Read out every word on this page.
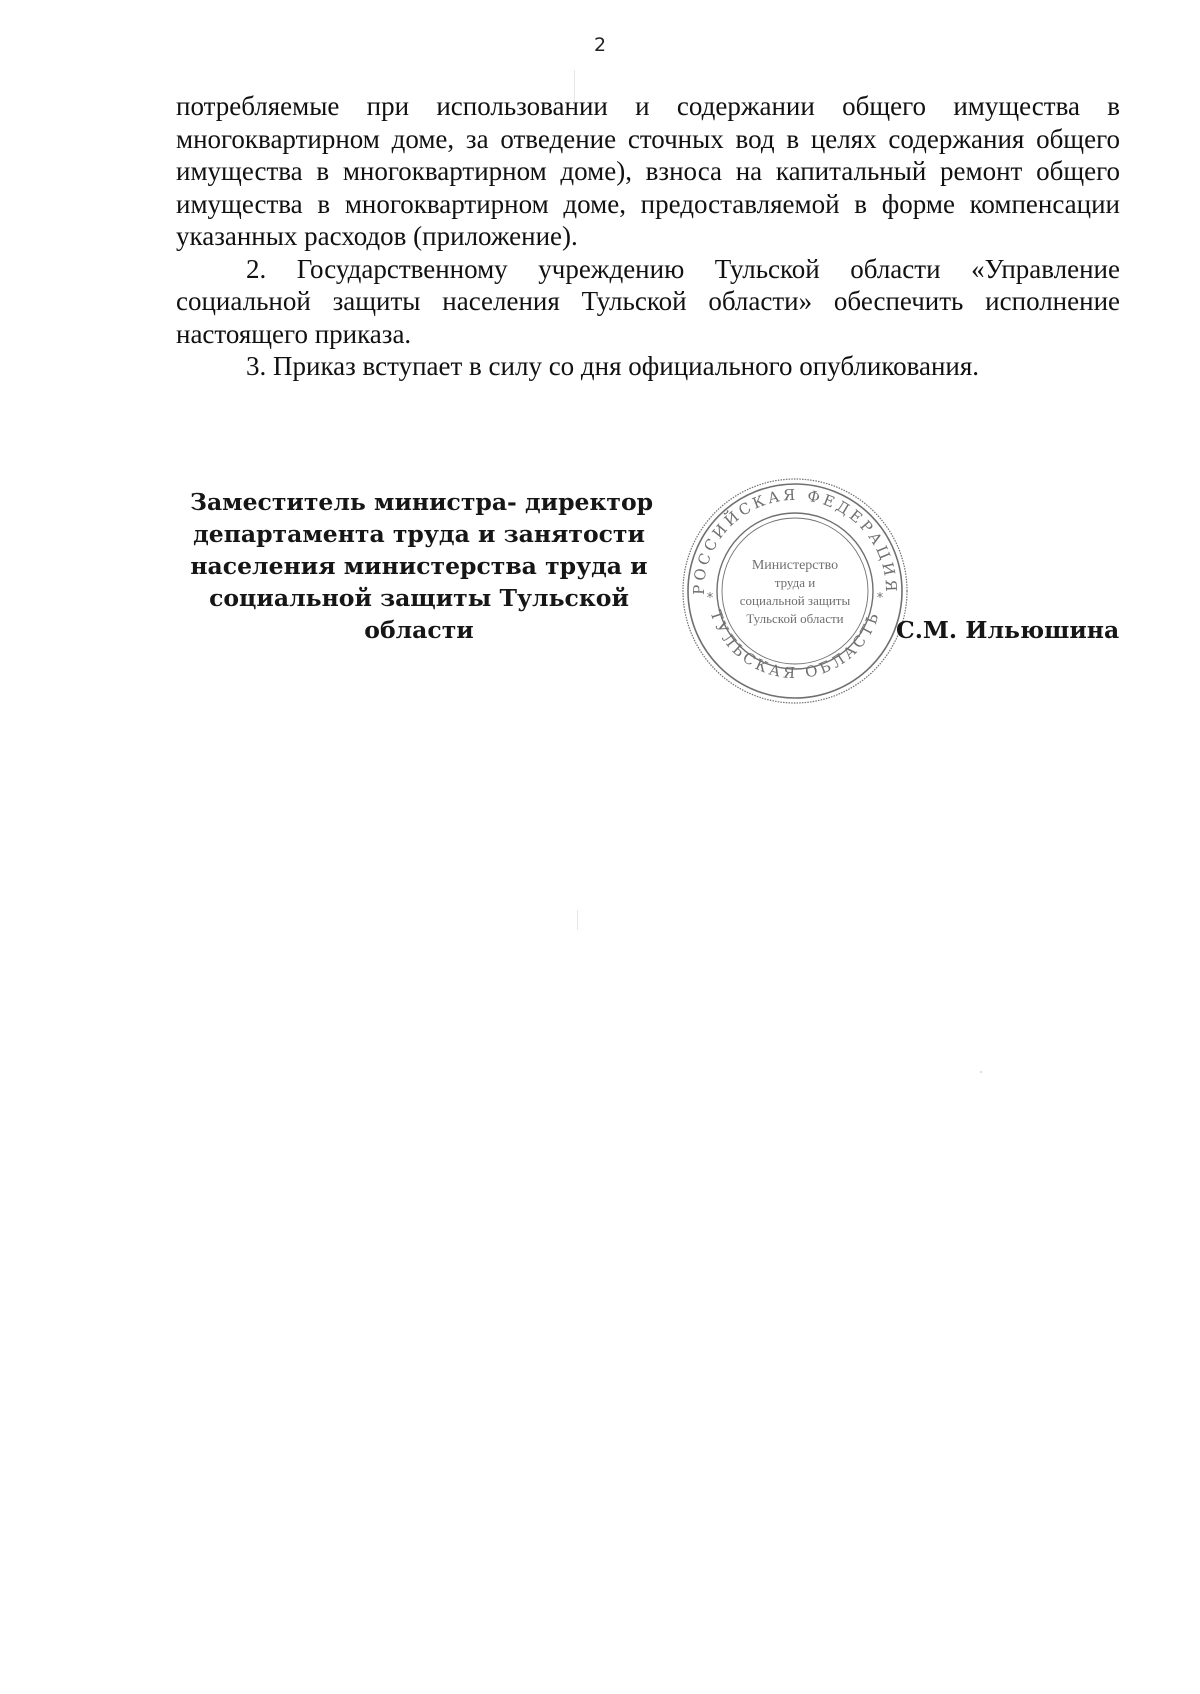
2

потребляемые при использовании и содержании общего имущества в многоквартирном доме, за отведение сточных вод в целях содержания общего имущества в многоквартирном доме), взноса на капитальный ремонт общего имущества в многоквартирном доме, предоставляемой в форме компенсации указанных расходов (приложение).

2. Государственному учреждению Тульской области «Управление социальной защиты населения Тульской области» обеспечить исполнение настоящего приказа.

3. Приказ вступает в силу со дня официального опубликования.

Заместитель министра- директор
департамента труда и занятости
населения министерства труда и
социальной защиты Тульской
области
РОССИЙСКАЯ ФЕДЕРАЦИЯ
ТУЛЬСКАЯ ОБЛАСТЬ
*	*
Министерство
труда и
социальной защиты
Тульской области С.М. Ильюшина
